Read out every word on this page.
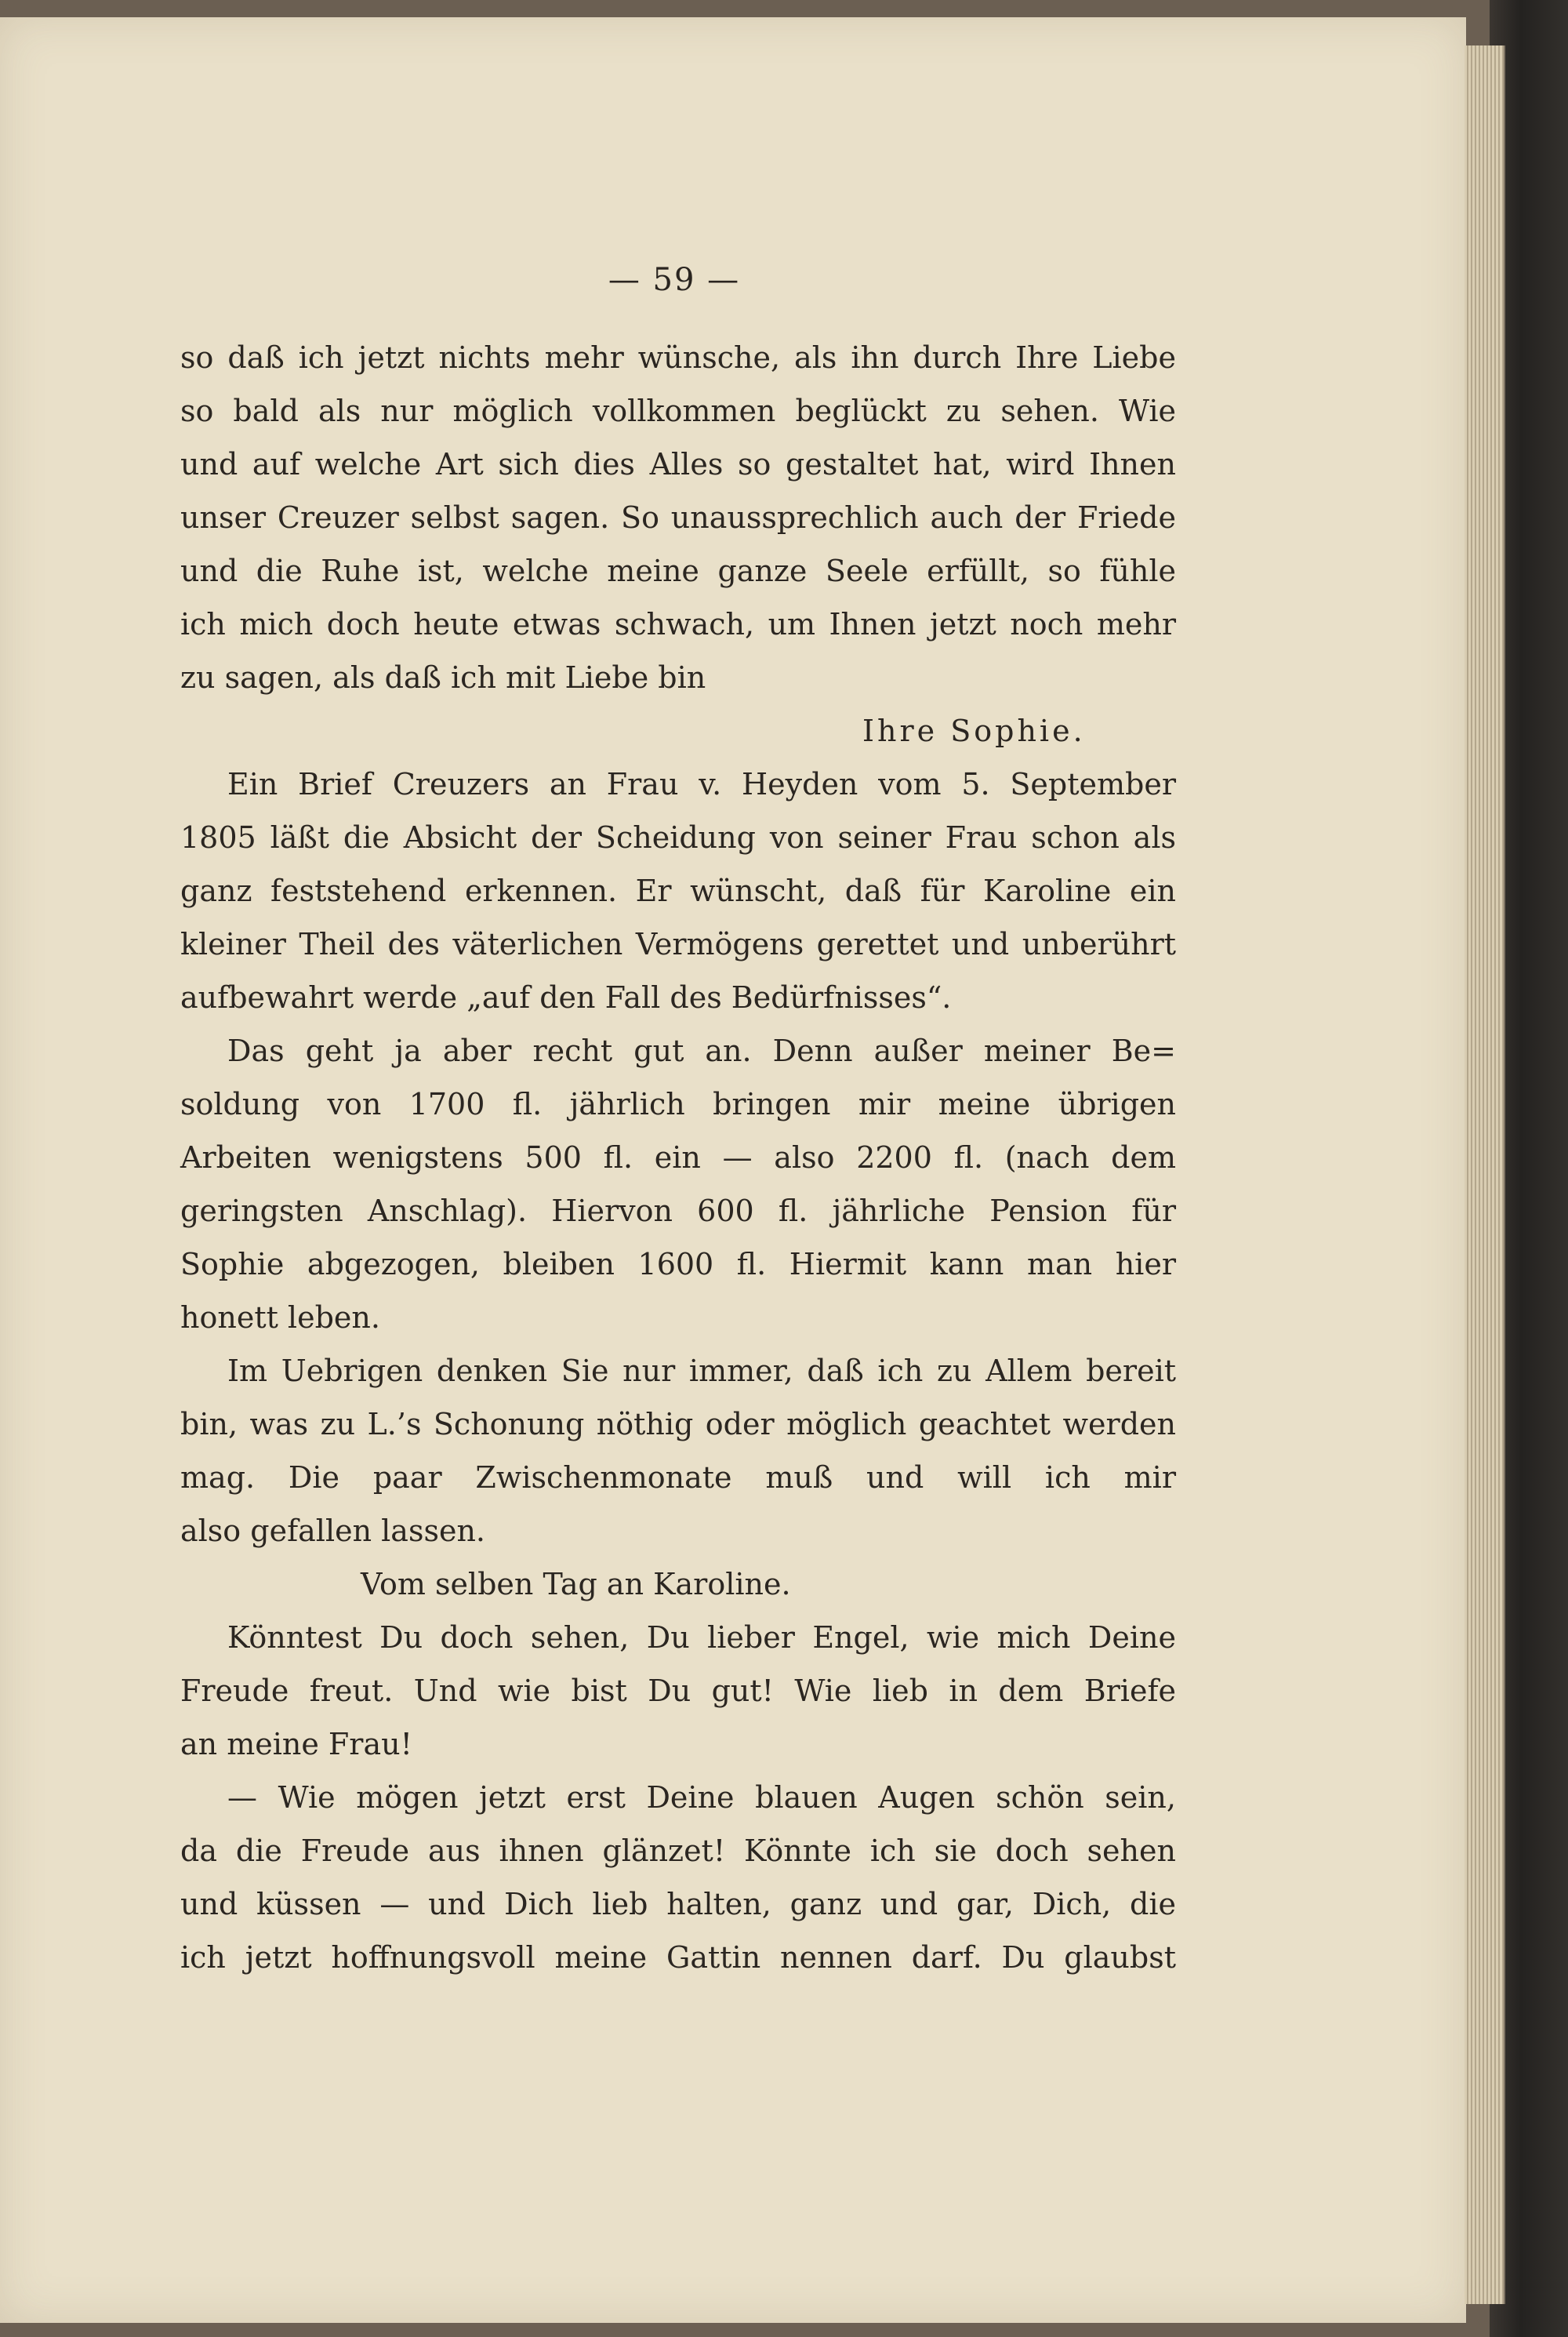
— 59 —
so daß ich jetzt nichts mehr wünsche, als ihn durch Ihre Liebe
so bald als nur möglich vollkommen beglückt zu sehen. Wie
und auf welche Art sich dies Alles so gestaltet hat, wird Ihnen
unser Creuzer selbst sagen. So unaussprechlich auch der Friede
und die Ruhe ist, welche meine ganze Seele erfüllt, so fühle
ich mich doch heute etwas schwach, um Ihnen jetzt noch mehr
zu sagen, als daß ich mit Liebe bin
Ihre Sophie.
Ein Brief Creuzers an Frau v. Heyden vom 5. September
1805 läßt die Absicht der Scheidung von seiner Frau schon als
ganz feststehend erkennen. Er wünscht, daß für Karoline ein
kleiner Theil des väterlichen Vermögens gerettet und unberührt
aufbewahrt werde „auf den Fall des Bedürfnisses“.
Das geht ja aber recht gut an. Denn außer meiner Be=
soldung von 1700 fl. jährlich bringen mir meine übrigen
Arbeiten wenigstens 500 fl. ein — also 2200 fl. (nach dem
geringsten Anschlag). Hiervon 600 fl. jährliche Pension für
Sophie abgezogen, bleiben 1600 fl. Hiermit kann man hier
honett leben.
Im Uebrigen denken Sie nur immer, daß ich zu Allem bereit
bin, was zu L.’s Schonung nöthig oder möglich geachtet werden
mag. Die paar Zwischenmonate muß und will ich mir
also gefallen lassen.
Vom selben Tag an Karoline.
Könntest Du doch sehen, Du lieber Engel, wie mich Deine
Freude freut. Und wie bist Du gut! Wie lieb in dem Briefe
an meine Frau!
— Wie mögen jetzt erst Deine blauen Augen schön sein,
da die Freude aus ihnen glänzet! Könnte ich sie doch sehen
und küssen — und Dich lieb halten, ganz und gar, Dich, die
ich jetzt hoffnungsvoll meine Gattin nennen darf. Du glaubst
